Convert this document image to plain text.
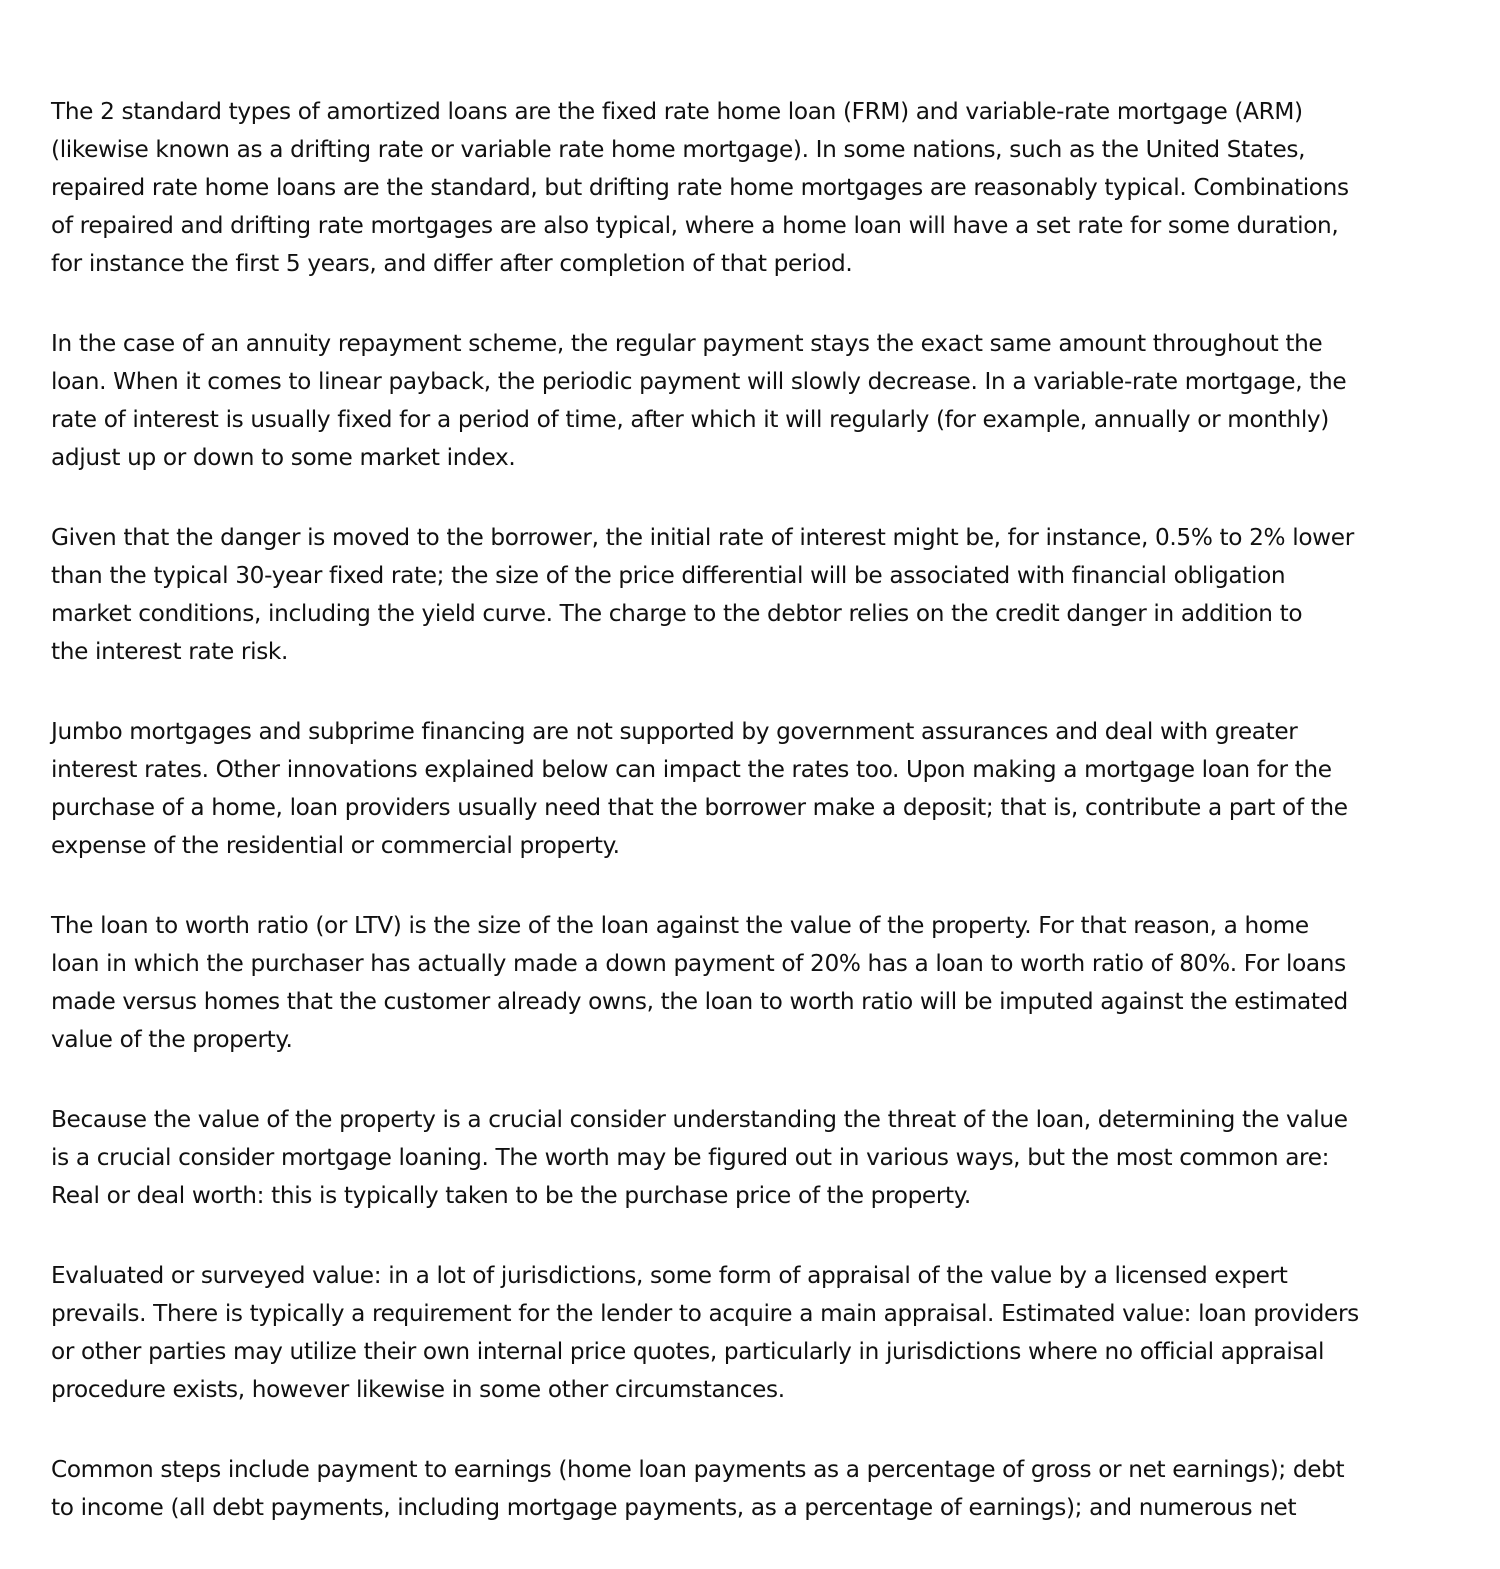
The 2 standard types of amortized loans are the fixed rate home loan (FRM) and variable-rate mortgage (ARM)
(likewise known as a drifting rate or variable rate home mortgage). In some nations, such as the United States,
repaired rate home loans are the standard, but drifting rate home mortgages are reasonably typical. Combinations
of repaired and drifting rate mortgages are also typical, where a home loan will have a set rate for some duration,
for instance the first 5 years, and differ after completion of that period.
In the case of an annuity repayment scheme, the regular payment stays the exact same amount throughout the
loan. When it comes to linear payback, the periodic payment will slowly decrease. In a variable-rate mortgage, the
rate of interest is usually fixed for a period of time, after which it will regularly (for example, annually or monthly)
adjust up or down to some market index.
Given that the danger is moved to the borrower, the initial rate of interest might be, for instance, 0.5% to 2% lower
than the typical 30-year fixed rate; the size of the price differential will be associated with financial obligation
market conditions, including the yield curve. The charge to the debtor relies on the credit danger in addition to
the interest rate risk.
Jumbo mortgages and subprime financing are not supported by government assurances and deal with greater
interest rates. Other innovations explained below can impact the rates too. Upon making a mortgage loan for the
purchase of a home, loan providers usually need that the borrower make a deposit; that is, contribute a part of the
expense of the residential or commercial property.
The loan to worth ratio (or LTV) is the size of the loan against the value of the property. For that reason, a home
loan in which the purchaser has actually made a down payment of 20% has a loan to worth ratio of 80%. For loans
made versus homes that the customer already owns, the loan to worth ratio will be imputed against the estimated
value of the property.
Because the value of the property is a crucial consider understanding the threat of the loan, determining the value
is a crucial consider mortgage loaning. The worth may be figured out in various ways, but the most common are:
Real or deal worth: this is typically taken to be the purchase price of the property.
Evaluated or surveyed value: in a lot of jurisdictions, some form of appraisal of the value by a licensed expert
prevails. There is typically a requirement for the lender to acquire a main appraisal. Estimated value: loan providers
or other parties may utilize their own internal price quotes, particularly in jurisdictions where no official appraisal
procedure exists, however likewise in some other circumstances.
Common steps include payment to earnings (home loan payments as a percentage of gross or net earnings); debt
to income (all debt payments, including mortgage payments, as a percentage of earnings); and numerous net
